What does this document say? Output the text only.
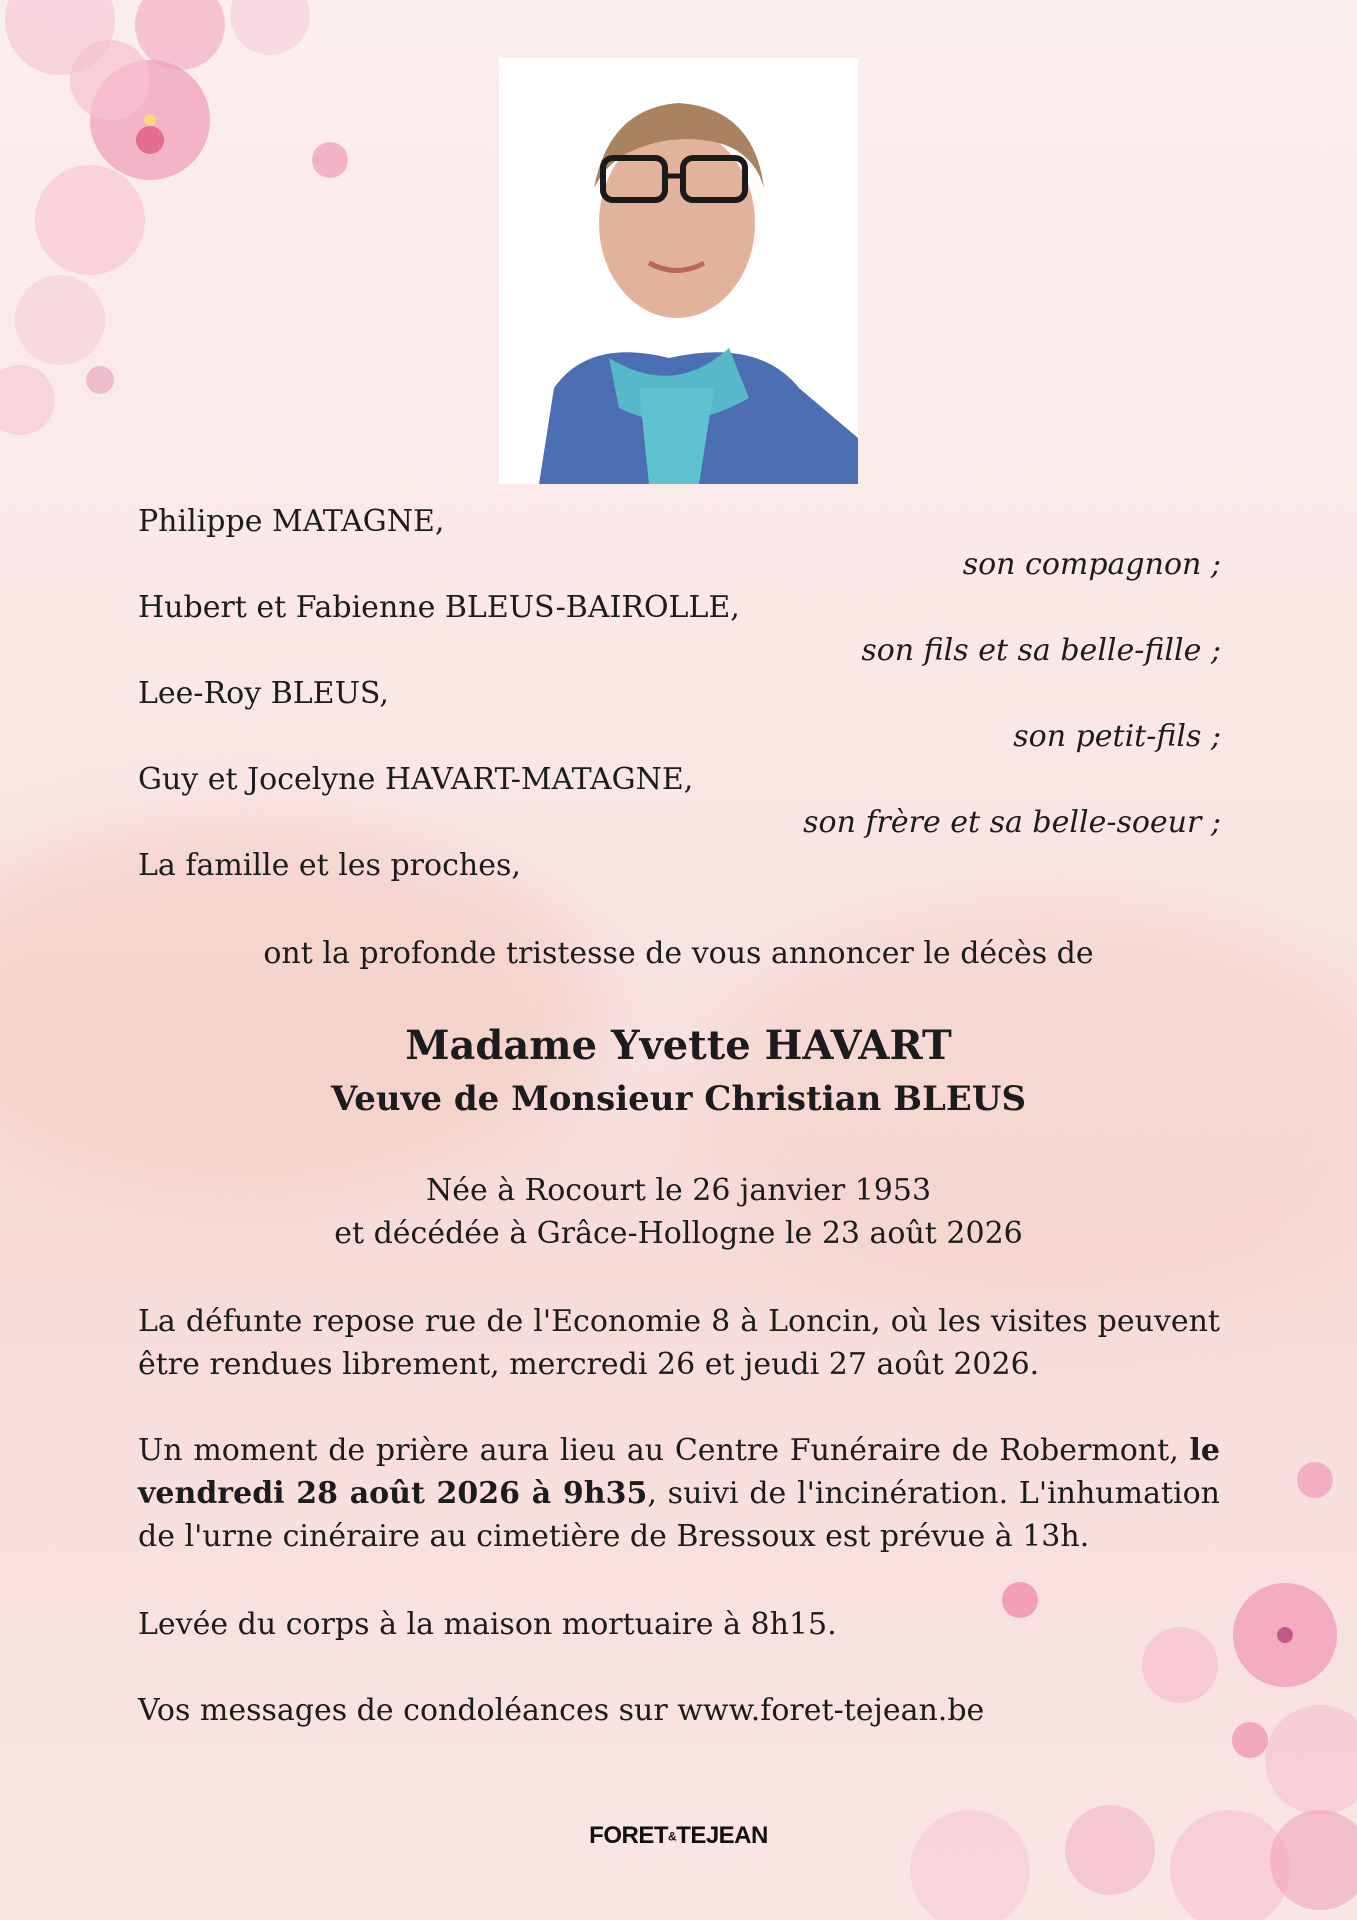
Philippe MATAGNE,
son compagnon ;
Hubert et Fabienne BLEUS-BAIROLLE,
son fils et sa belle-fille ;
Lee-Roy BLEUS,
son petit-fils ;
Guy et Jocelyne HAVART-MATAGNE,
son frère et sa belle-soeur ;
La famille et les proches,
ont la profonde tristesse de vous annoncer le décès de
Madame Yvette HAVART
Veuve de Monsieur Christian BLEUS
Née à Rocourt le 26 janvier 1953
et décédée à Grâce-Hollogne le 23 août 2026
La défunte repose rue de l'Economie 8 à Loncin, où les visites peuvent être rendues librement, mercredi 26 et jeudi 27 août 2026.
Un moment de prière aura lieu au Centre Funéraire de Robermont, le vendredi 28 août 2026 à 9h35, suivi de l'incinération. L'inhumation de l'urne cinéraire au cimetière de Bressoux est prévue à 13h.
Levée du corps à la maison mortuaire à 8h15.
Vos messages de condoléances sur www.foret-tejean.be
FORET&TEJEAN
